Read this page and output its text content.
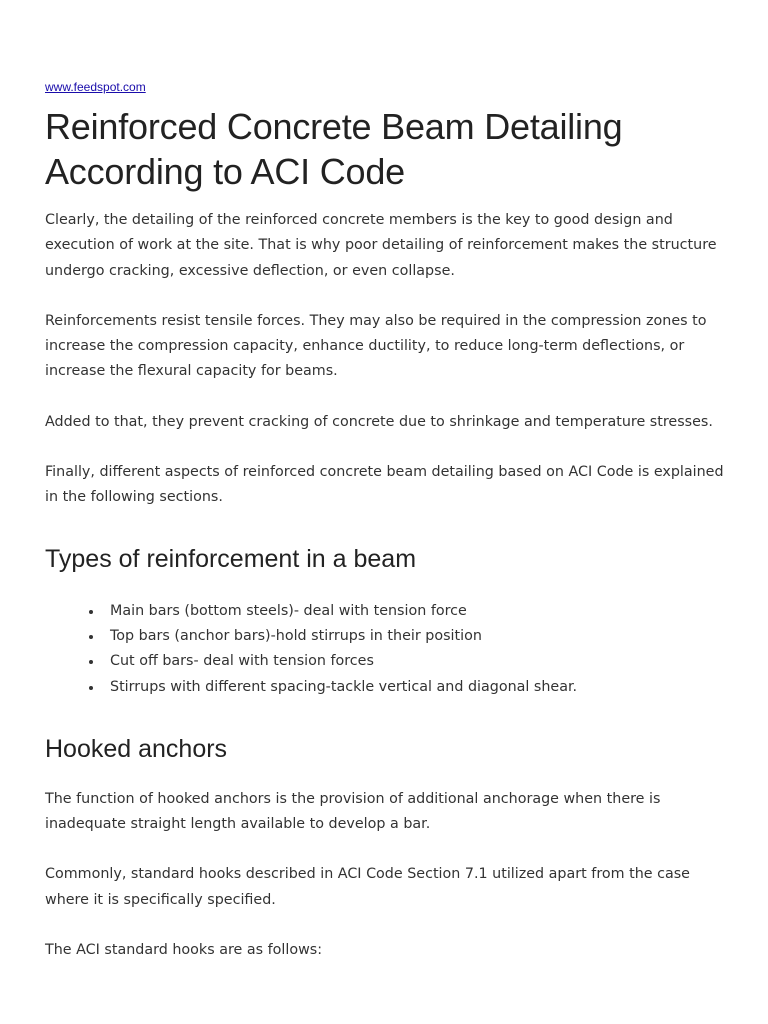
www.feedspot.com
Reinforced Concrete Beam Detailing According to ACI Code

Clearly, the detailing of the reinforced concrete members is the key to good design and execution of work at the site. That is why poor detailing of reinforcement makes the structure undergo cracking, excessive deflection, or even collapse.

Reinforcements resist tensile forces. They may also be required in the compression zones to increase the compression capacity, enhance ductility, to reduce long-term deflections, or increase the flexural capacity for beams.

Added to that, they prevent cracking of concrete due to shrinkage and temperature stresses.

Finally, different aspects of reinforced concrete beam detailing based on ACI Code is explained in the following sections.

Types of reinforcement in a beam
Main bars (bottom steels)- deal with tension force
Top bars (anchor bars)-hold stirrups in their position
Cut off bars- deal with tension forces
Stirrups with different spacing-tackle vertical and diagonal shear.
Hooked anchors

The function of hooked anchors is the provision of additional anchorage when there is inadequate straight length available to develop a bar.

Commonly, standard hooks described in ACI Code Section 7.1 utilized apart from the case where it is specifically specified.

The ACI standard hooks are as follows:
